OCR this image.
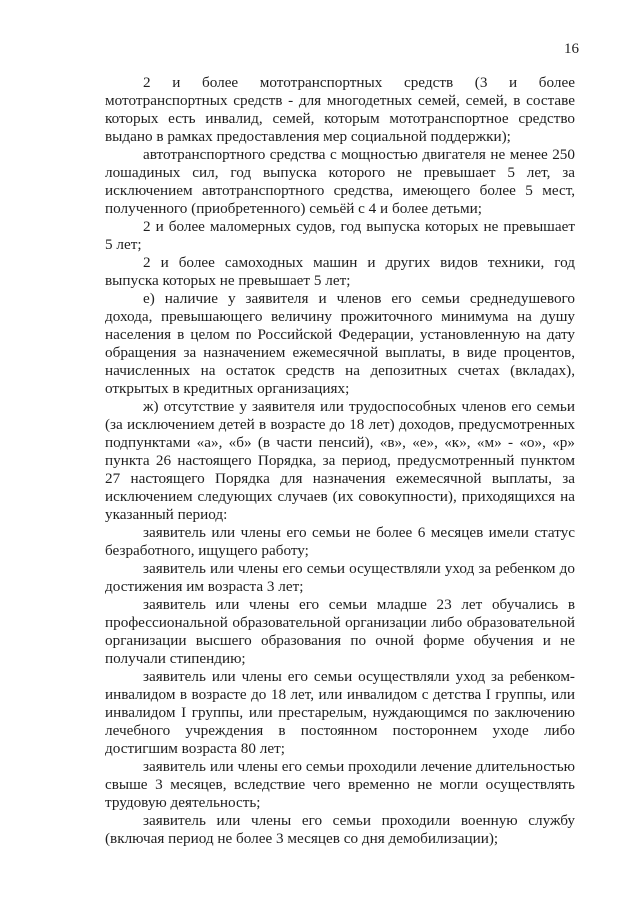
16

2 и более мототранспортных средств (3 и более мототранспортных средств - для многодетных семей, семей, в составе которых есть инвалид, семей, которым мототранспортное средство выдано в рамках предоставления мер социальной поддержки);

автотранспортного средства с мощностью двигателя не менее 250 лошадиных сил, год выпуска которого не превышает 5 лет, за исключением автотранспортного средства, имеющего более 5 мест, полученного (приобретенного) семьёй с 4 и более детьми;

2 и более маломерных судов, год выпуска которых не превышает 5 лет;

2 и более самоходных машин и других видов техники, год выпуска которых не превышает 5 лет;

е) наличие у заявителя и членов его семьи среднедушевого дохода, превышающего величину прожиточного минимума на душу населения в целом по Российской Федерации, установленную на дату обращения за назначением ежемесячной выплаты, в виде процентов, начисленных на остаток средств на депозитных счетах (вкладах), открытых в кредитных организациях;

ж) отсутствие у заявителя или трудоспособных членов его семьи (за исключением детей в возрасте до 18 лет) доходов, предусмотренных подпунктами «а», «б» (в части пенсий), «в», «е», «к», «м» - «о», «р» пункта 26 настоящего Порядка, за период, предусмотренный пунктом 27 настоящего Порядка для назначения ежемесячной выплаты, за исключением следующих случаев (их совокупности), приходящихся на указанный период:

заявитель или члены его семьи не более 6 месяцев имели статус безработного, ищущего работу;

заявитель или члены его семьи осуществляли уход за ребенком до достижения им возраста 3 лет;

заявитель или члены его семьи младше 23 лет обучались в профессиональной образовательной организации либо образовательной организации высшего образования по очной форме обучения и не получали стипендию;

заявитель или члены его семьи осуществляли уход за ребенком-инвалидом в возрасте до 18 лет, или инвалидом с детства I группы, или инвалидом I группы, или престарелым, нуждающимся по заключению лечебного учреждения в постоянном постороннем уходе либо достигшим возраста 80 лет;

заявитель или члены его семьи проходили лечение длительностью свыше 3 месяцев, вследствие чего временно не могли осуществлять трудовую деятельность;

заявитель или члены его семьи проходили военную службу (включая период не более 3 месяцев со дня демобилизации);
